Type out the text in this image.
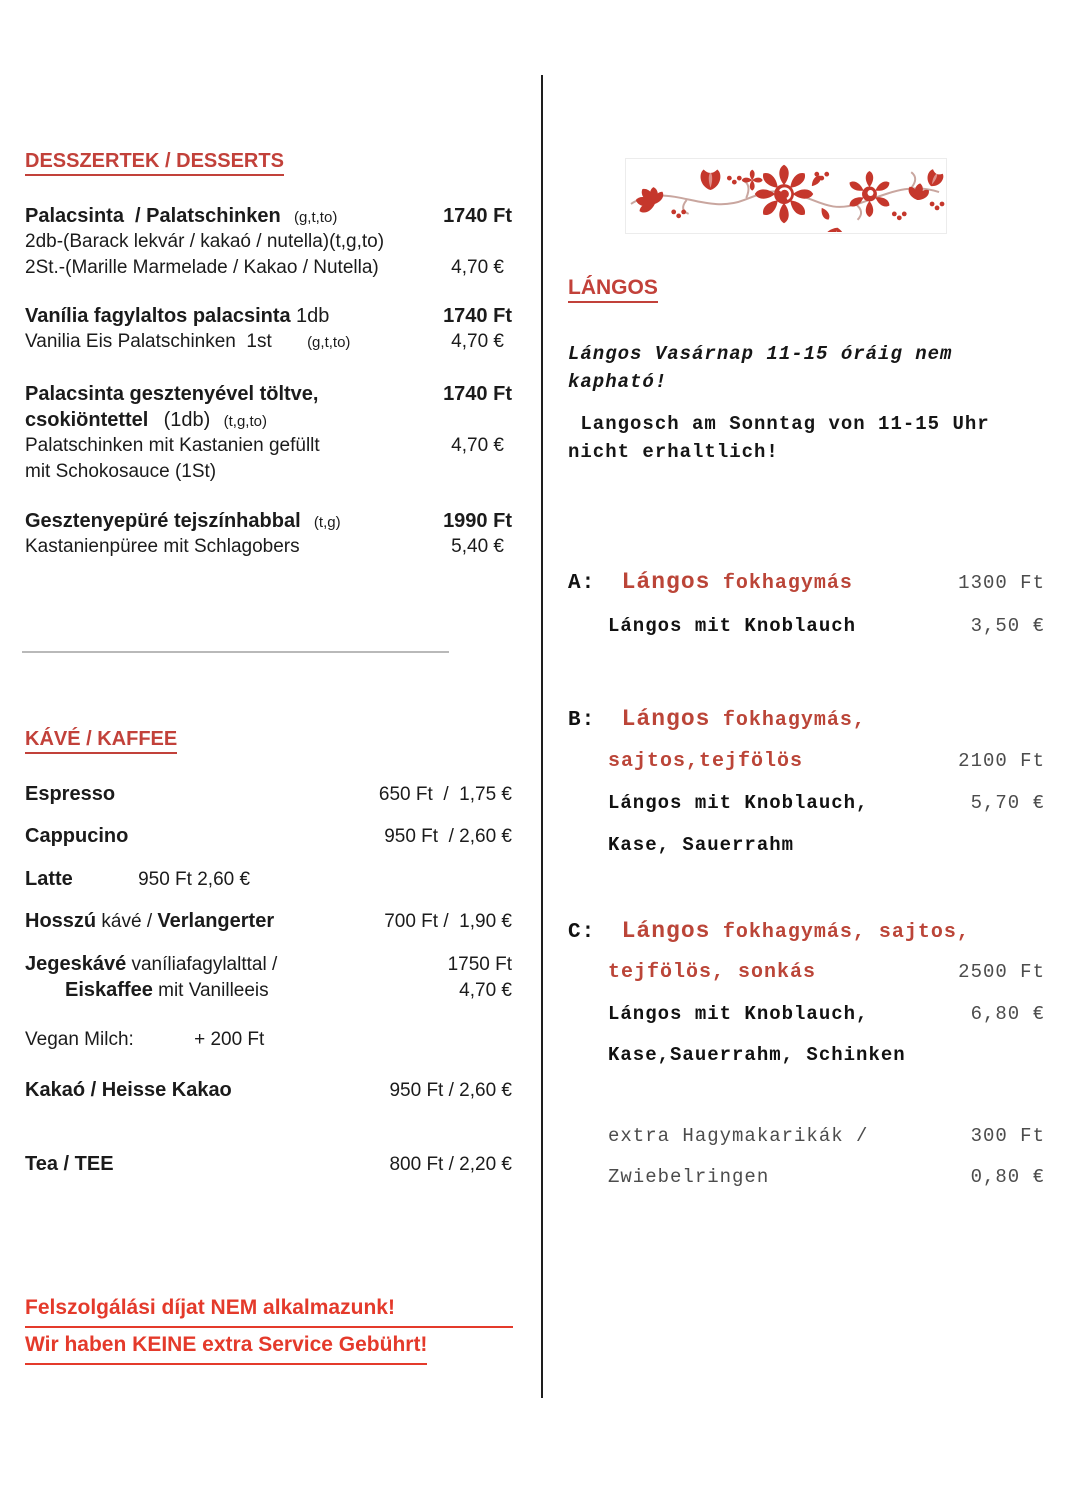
DESSZERTEK / DESSERTS
Palacsinta  / Palatschinken (g,t,to)	1740 Ft
2db-(Barack lekvár / kakaó / nutella)(t,g,to)
2St.-(Marille Marmelade / Kakao / Nutella)	4,70 €
Vanília fagylaltos palacsinta 1db	1740 Ft
Vanilia Eis Palatschinken  1st (g,t,to)	4,70 €
Palacsinta gesztenyével töltve,	1740 Ft
csokiöntettel (1db) (t,g,to)
Palatschinken mit Kastanien gefüllt	4,70 €
mit Schokosauce (1St)
Gesztenyepüré tejszínhabbal (t,g)	1990 Ft
Kastanienpüree mit Schlagobers	5,40 €
KÁVÉ / KAFFEE
Espresso	650 Ft  /  1,75 €
Cappucino	950 Ft  / 2,60 €
Latte	950 Ft 2,60 €
Hosszú kávé / Verlangerter	700 Ft /  1,90 €
Jegeskávé vaníliafagylalttal /	1750 Ft
Eiskaffee mit Vanilleeis	4,70 €
Vegan Milch:	+ 200 Ft
Kakaó / Heisse Kakao	950 Ft / 2,60 €
Tea / TEE	800 Ft / 2,20 €
Felszolgálási díjat NEM alkalmazunk!
Wir haben KEINE extra Service Gebührt!
LÁNGOS
Lángos Vasárnap 11-15 óráig nem
kapható!
Langosch am Sonntag von 11-15 Uhr
nicht erhaltlich!
A: Lángos fokhagymás	1300 Ft
Lángos mit Knoblauch	3,50 €
B: Lángos fokhagymás,
sajtos,tejfölös	2100 Ft
Lángos mit Knoblauch,	5,70 €
Kase, Sauerrahm
C: Lángos fokhagymás, sajtos,
tejfölös, sonkás	2500 Ft
Lángos mit Knoblauch,	6,80 €
Kase,Sauerrahm, Schinken
extra Hagymakarikák /	300 Ft
Zwiebelringen	0,80 €
